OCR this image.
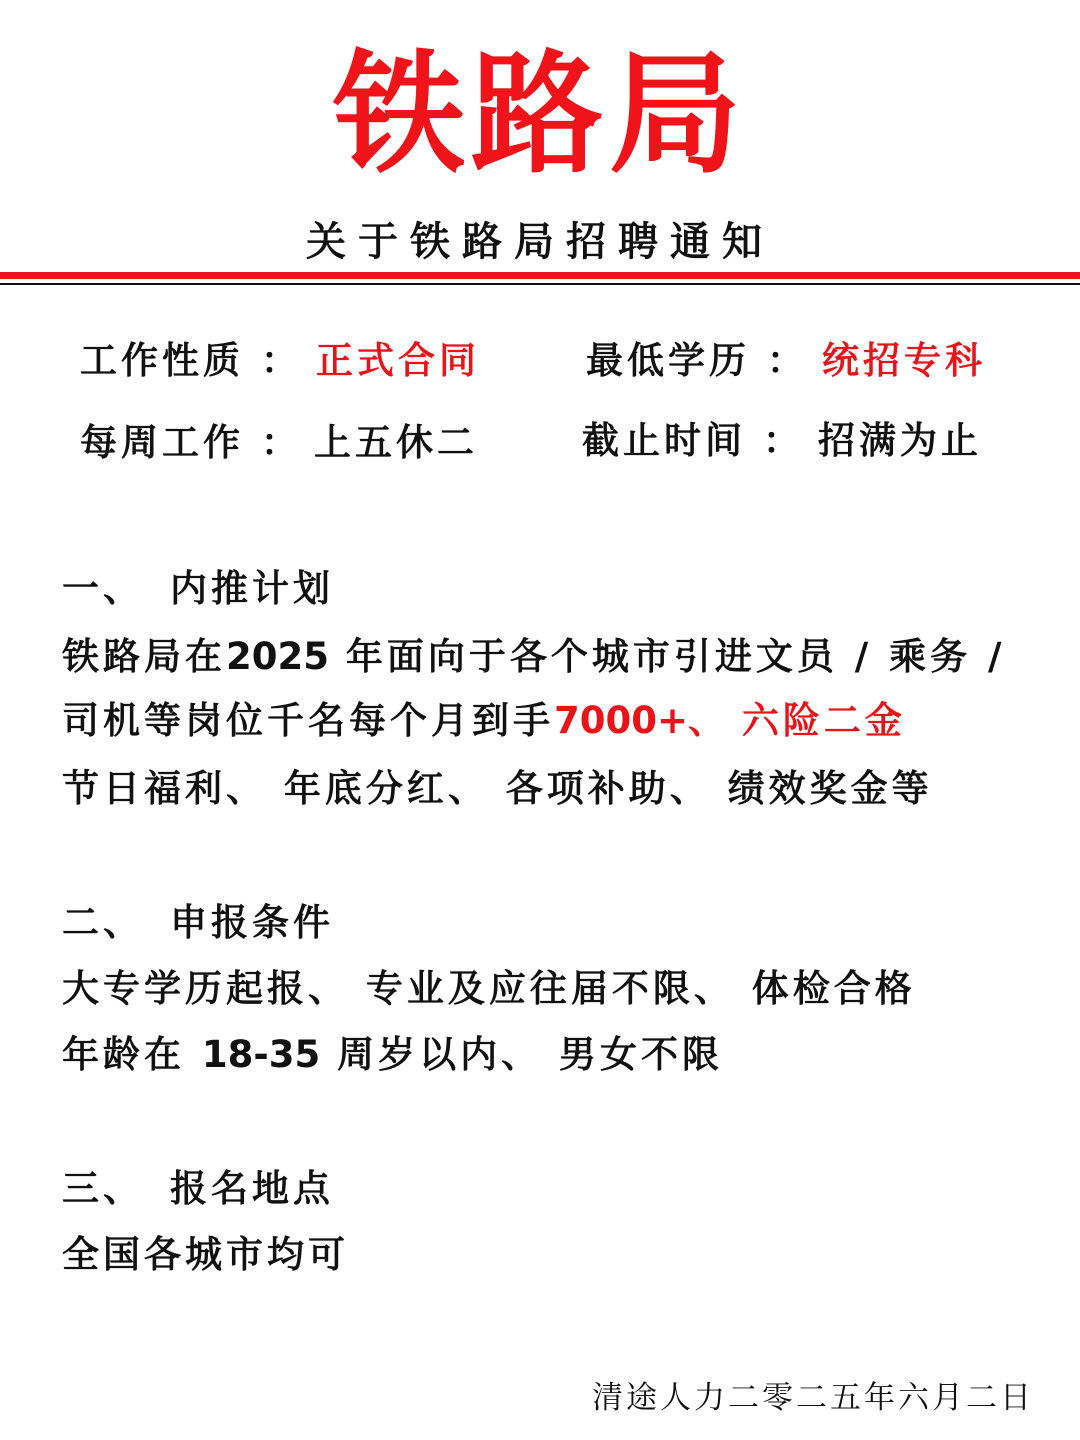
铁路局
关于铁路局招聘通知
工作性质 ： 正式合同	最低学历 ： 统招专科
每周工作 ： 上五休二	截止时间 ： 招满为止
一、 内推计划
铁路局在2025 年面向于各个城市引进文员 / 乘务 /
司机等岗位千名每个月到手7000+、 六险二金
节日福利、 年底分红、 各项补助、 绩效奖金等
二、 申报条件
大专学历起报、 专业及应往届不限、 体检合格
年龄在 18-35 周岁以内、 男女不限
三、 报名地点
全国各城市均可
清途人力二零二五年六月二日
